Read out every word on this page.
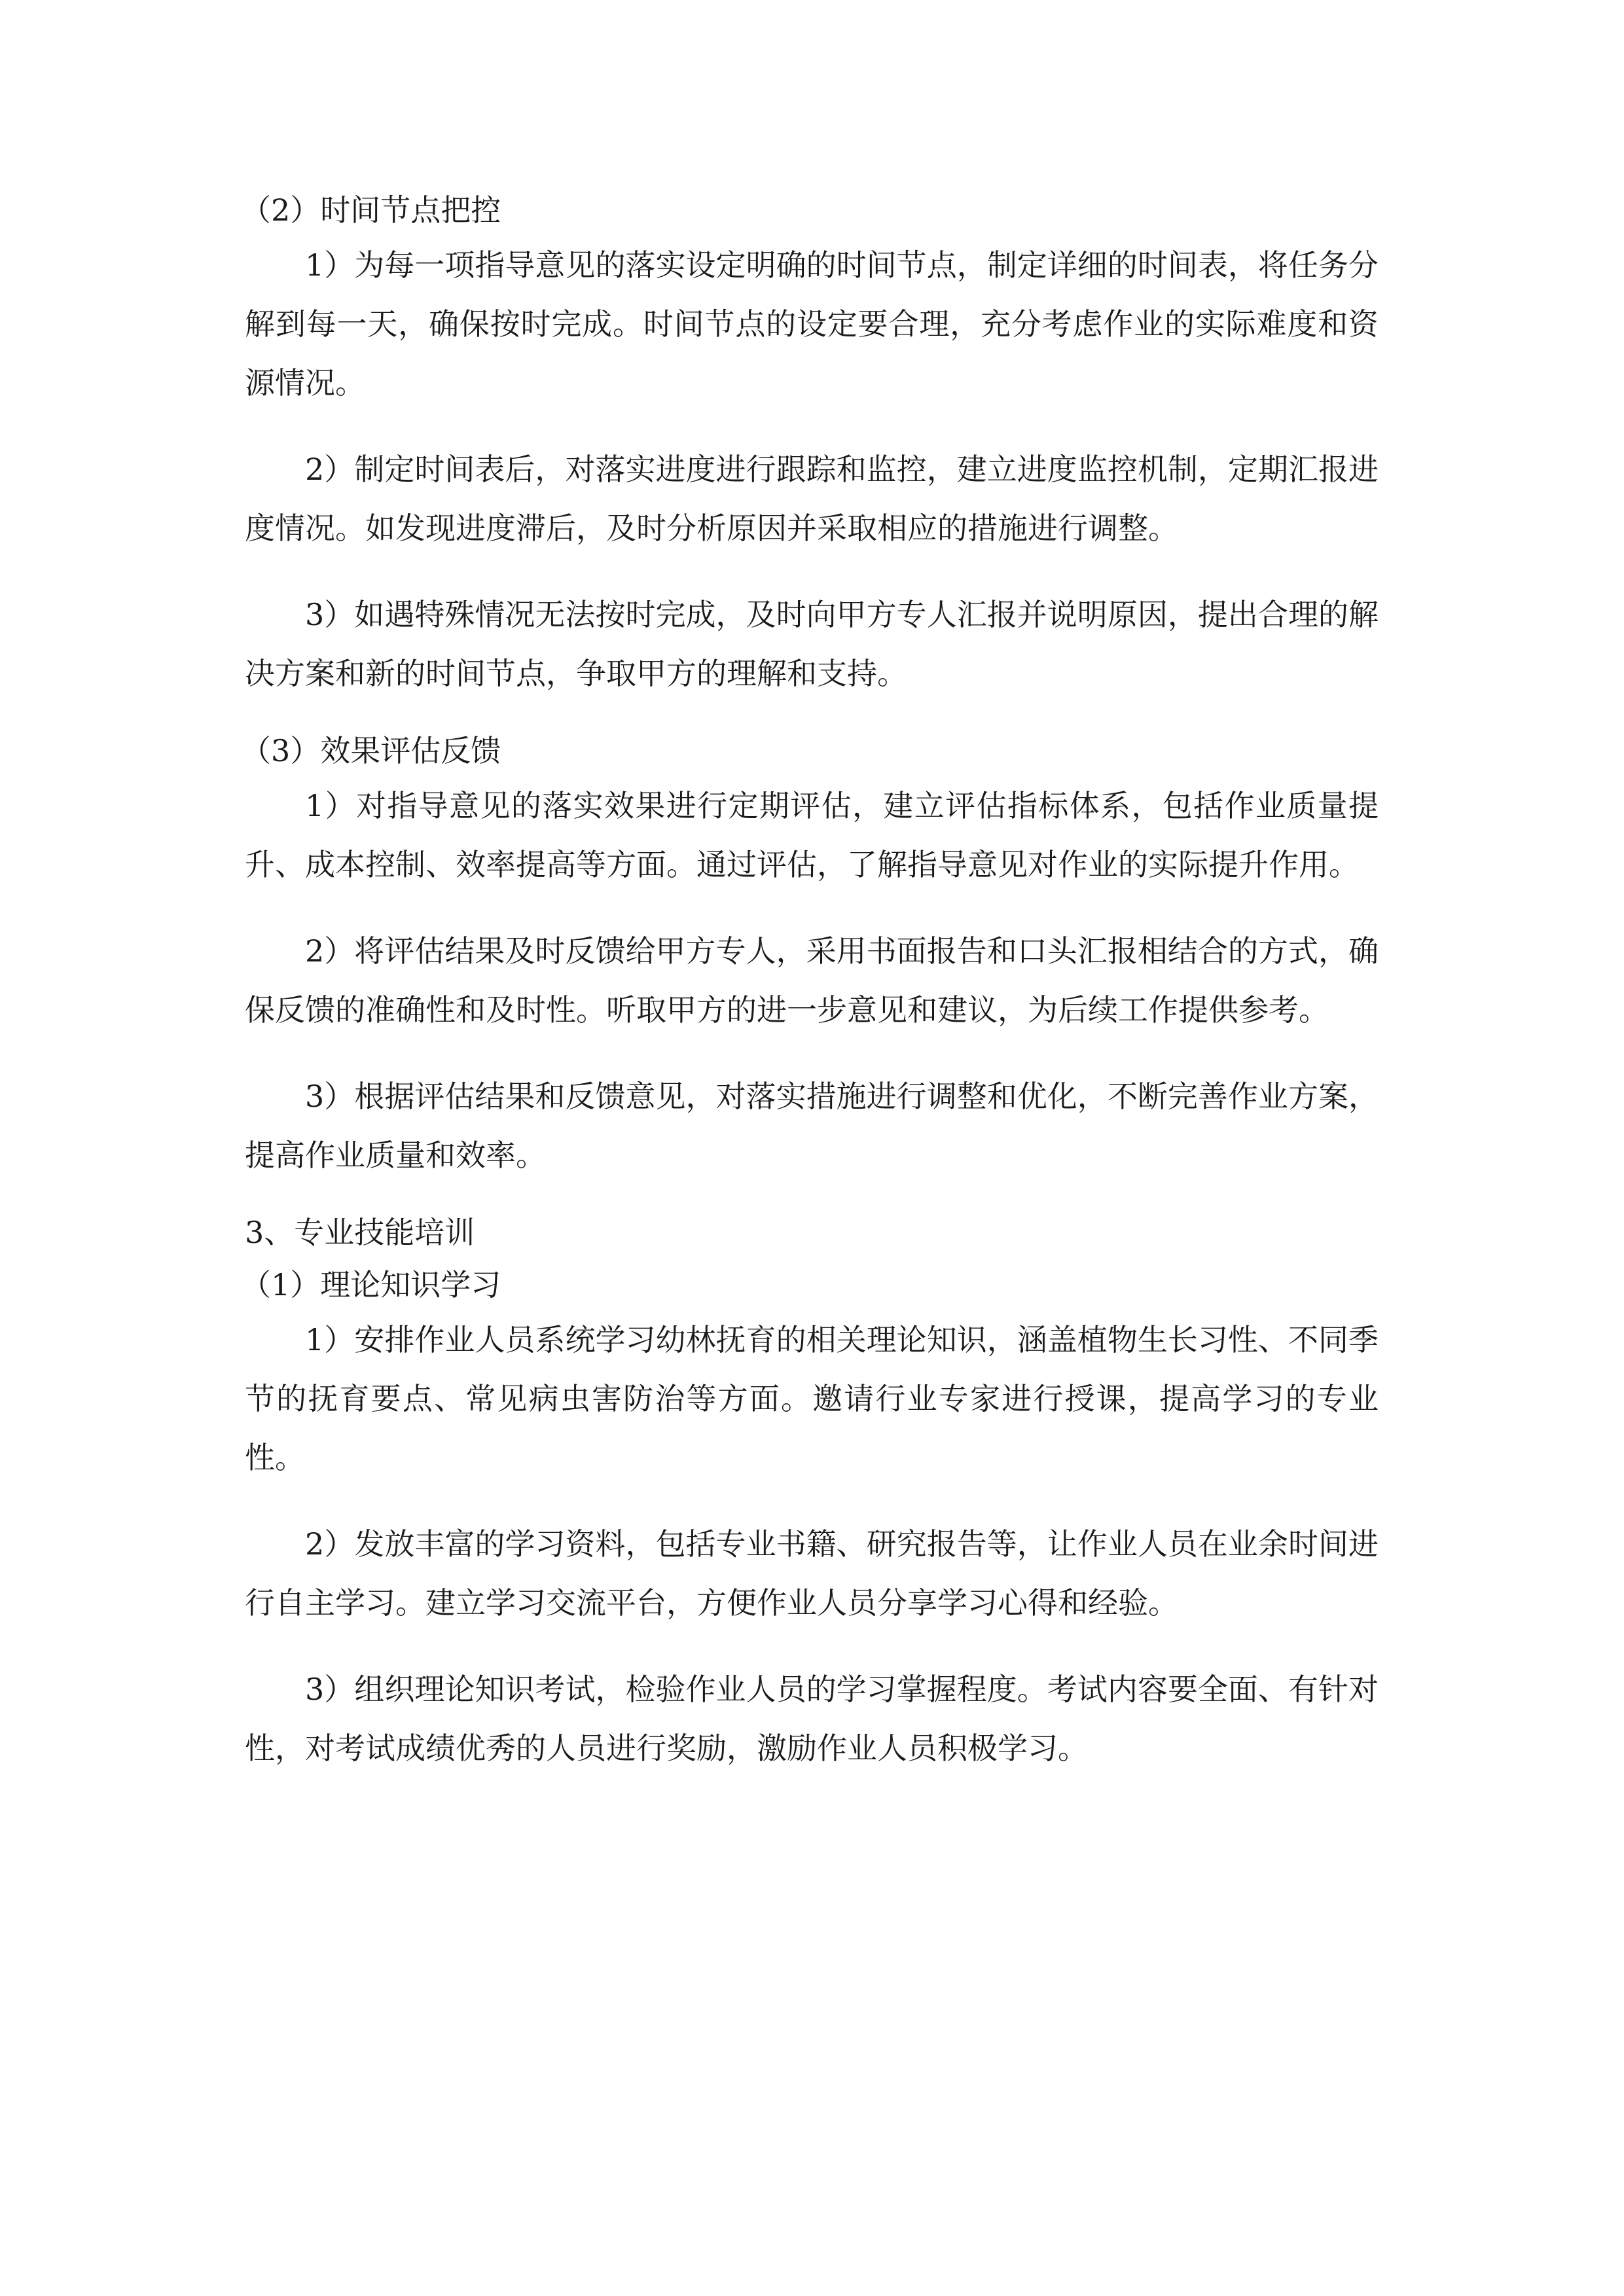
（2）时间节点把控

1）为每一项指导意见的落实设定明确的时间节点，制定详细的时间表，将任务分解到每一天，确保按时完成。时间节点的设定要合理，充分考虑作业的实际难度和资源情况。

2）制定时间表后，对落实进度进行跟踪和监控，建立进度监控机制，定期汇报进度情况。如发现进度滞后，及时分析原因并采取相应的措施进行调整。

3）如遇特殊情况无法按时完成，及时向甲方专人汇报并说明原因，提出合理的解决方案和新的时间节点，争取甲方的理解和支持。

（3）效果评估反馈

1）对指导意见的落实效果进行定期评估，建立评估指标体系，包括作业质量提升、成本控制、效率提高等方面。通过评估，了解指导意见对作业的实际提升作用。

2）将评估结果及时反馈给甲方专人，采用书面报告和口头汇报相结合的方式，确保反馈的准确性和及时性。听取甲方的进一步意见和建议，为后续工作提供参考。

3）根据评估结果和反馈意见，对落实措施进行调整和优化，不断完善作业方案，提高作业质量和效率。

3、专业技能培训

（1）理论知识学习

1）安排作业人员系统学习幼林抚育的相关理论知识，涵盖植物生长习性、不同季节的抚育要点、常见病虫害防治等方面。邀请行业专家进行授课，提高学习的专业性。

2）发放丰富的学习资料，包括专业书籍、研究报告等，让作业人员在业余时间进行自主学习。建立学习交流平台，方便作业人员分享学习心得和经验。

3）组织理论知识考试，检验作业人员的学习掌握程度。考试内容要全面、有针对性，对考试成绩优秀的人员进行奖励，激励作业人员积极学习。
